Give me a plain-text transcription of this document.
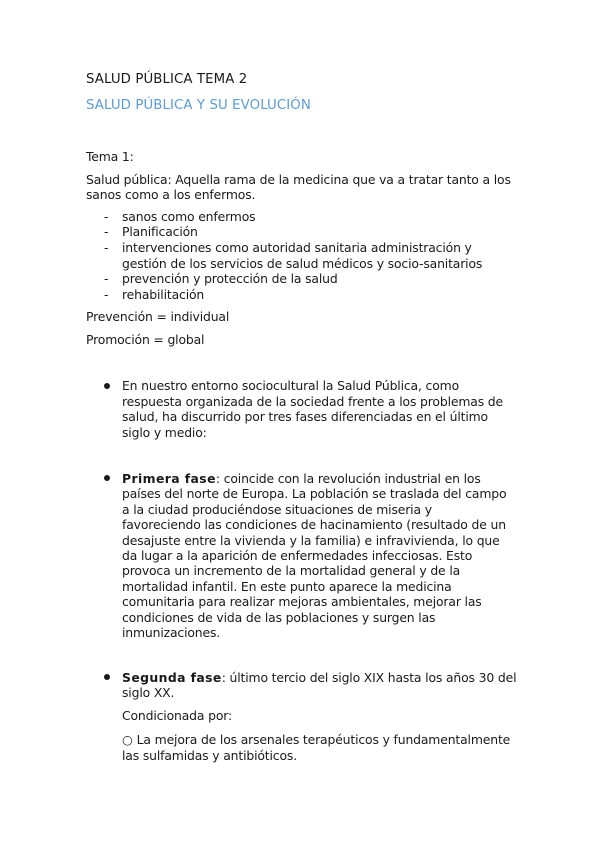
SALUD PÚBLICA TEMA 2

SALUD PÚBLICA Y SU EVOLUCIÓN

Tema 1:

Salud pública: Aquella rama de la medicina que va a tratar tanto a los

sanos como a los enfermos.

- sanos como enfermos
- Planificación
- intervenciones como autoridad sanitaria administración y
gestión de los servicios de salud médicos y socio-sanitarios
- prevención y protección de la salud
- rehabilitación

Prevención = individual

Promoción = global

En nuestro entorno sociocultural la Salud Pública, como

respuesta organizada de la sociedad frente a los problemas de

salud, ha discurrido por tres fases diferenciadas en el último

siglo y medio:

Primera fase: coincide con la revolución industrial en los

países del norte de Europa. La población se traslada del campo

a la ciudad produciéndose situaciones de miseria y

favoreciendo las condiciones de hacinamiento (resultado de un

desajuste entre la vivienda y la familia) e infravivienda, lo que

da lugar a la aparición de enfermedades infecciosas. Esto

provoca un incremento de la mortalidad general y de la

mortalidad infantil. En este punto aparece la medicina

comunitaria para realizar mejoras ambientales, mejorar las

condiciones de vida de las poblaciones y surgen las

inmunizaciones.

Segunda fase: último tercio del siglo XIX hasta los años 30 del

siglo XX.

Condicionada por:

○ La mejora de los arsenales terapéuticos y fundamentalmente

las sulfamidas y antibióticos.
